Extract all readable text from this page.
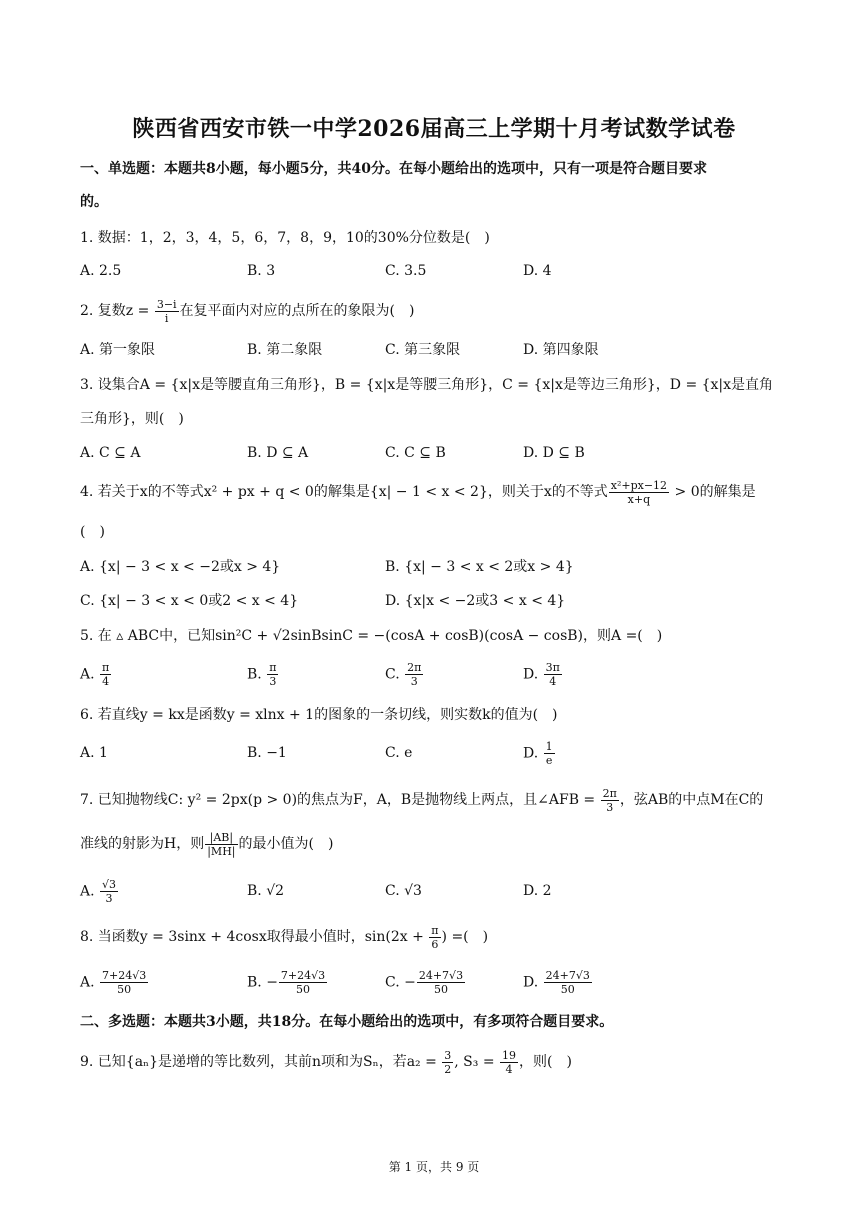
陕西省西安市铁一中学2026届高三上学期十月考试数学试卷
一、单选题：本题共8小题，每小题5分，共40分。在每小题给出的选项中，只有一项是符合题目要求
的。
1. 数据：1，2，3，4，5，6，7，8，9，10的30%分位数是(　)
A. 2.5	B. 3	C. 3.5	D. 4
2. 复数$z = \frac{3-i}{i}$ 在复平面内对应的点所在的象限为(　)
A. 第一象限	B. 第二象限	C. 第三象限	D. 第四象限
3. 设集合A = {x|x是等腰直角三角形}，B = {x|x是等腰三角形}，C = {x|x是等边三角形}，D = {x|x是直角
三角形}，则(　)
A. C ⊆ A	B. D ⊆ A	C. C ⊆ B	D. D ⊆ B
4. 若关于x的不等式x² + px + q < 0的解集是{x| − 1 < x < 2}，则关于x的不等式 $\frac{\text{x²+px−12}}{x+q} > 0$的解集是
(　)
A. {x| − 3 < x < −2或x > 4}	B. {x| − 3 < x < 2或x > 4}
C. {x| − 3 < x < 0或2 < x < 4}	D. {x|x < −2或3 < x < 4}
5. 在 ▵ ABC中，已知sin²C + √2sinBsinC = −(cosA + cosB)(cosA − cosB)，则A =(　)
A. $\frac{\pi}{4}$	B. $\frac{\pi}{3}$	C. $\frac{2\pi}{3}$	D. $\frac{3\pi}{4}$
6. 若直线y = kx是函数y = xlnx + 1的图象的一条切线，则实数k的值为(　)
A. 1	B. −1	C. e	D. $\frac{1}{e}$
7. 已知抛物线C: y² = 2px(p > 0)的焦点为F，A，B是抛物线上两点，且∠AFB = $\frac{2\pi}{3}$ ，弦AB的中点M在C的
准线的射影为H，则 $\frac{|AB|}{|MH|}$ 的最小值为(　)
A. $\frac{√3}{3}$	B. √2	C. √3	D. 2
8. 当函数y = 3sinx + 4cosx取得最小值时，$\sin(2x + \frac{\pi}{6}$ ) =(　)
A. $\frac{7+24√3}{50}$	B. − $\frac{7+24√3}{50}$	C. − $\frac{24+7√3}{50}$	D. $\frac{24+7√3}{50}$
二、多选题：本题共3小题，共18分。在每小题给出的选项中，有多项符合题目要求。
9. 已知{aₙ}是递增的等比数列，其前n项和为Sₙ，若$a_2 = \frac{3}{2}$ , $S_3 = \frac{19}{4}$ ，则(　)
第 1 页，共 9 页
